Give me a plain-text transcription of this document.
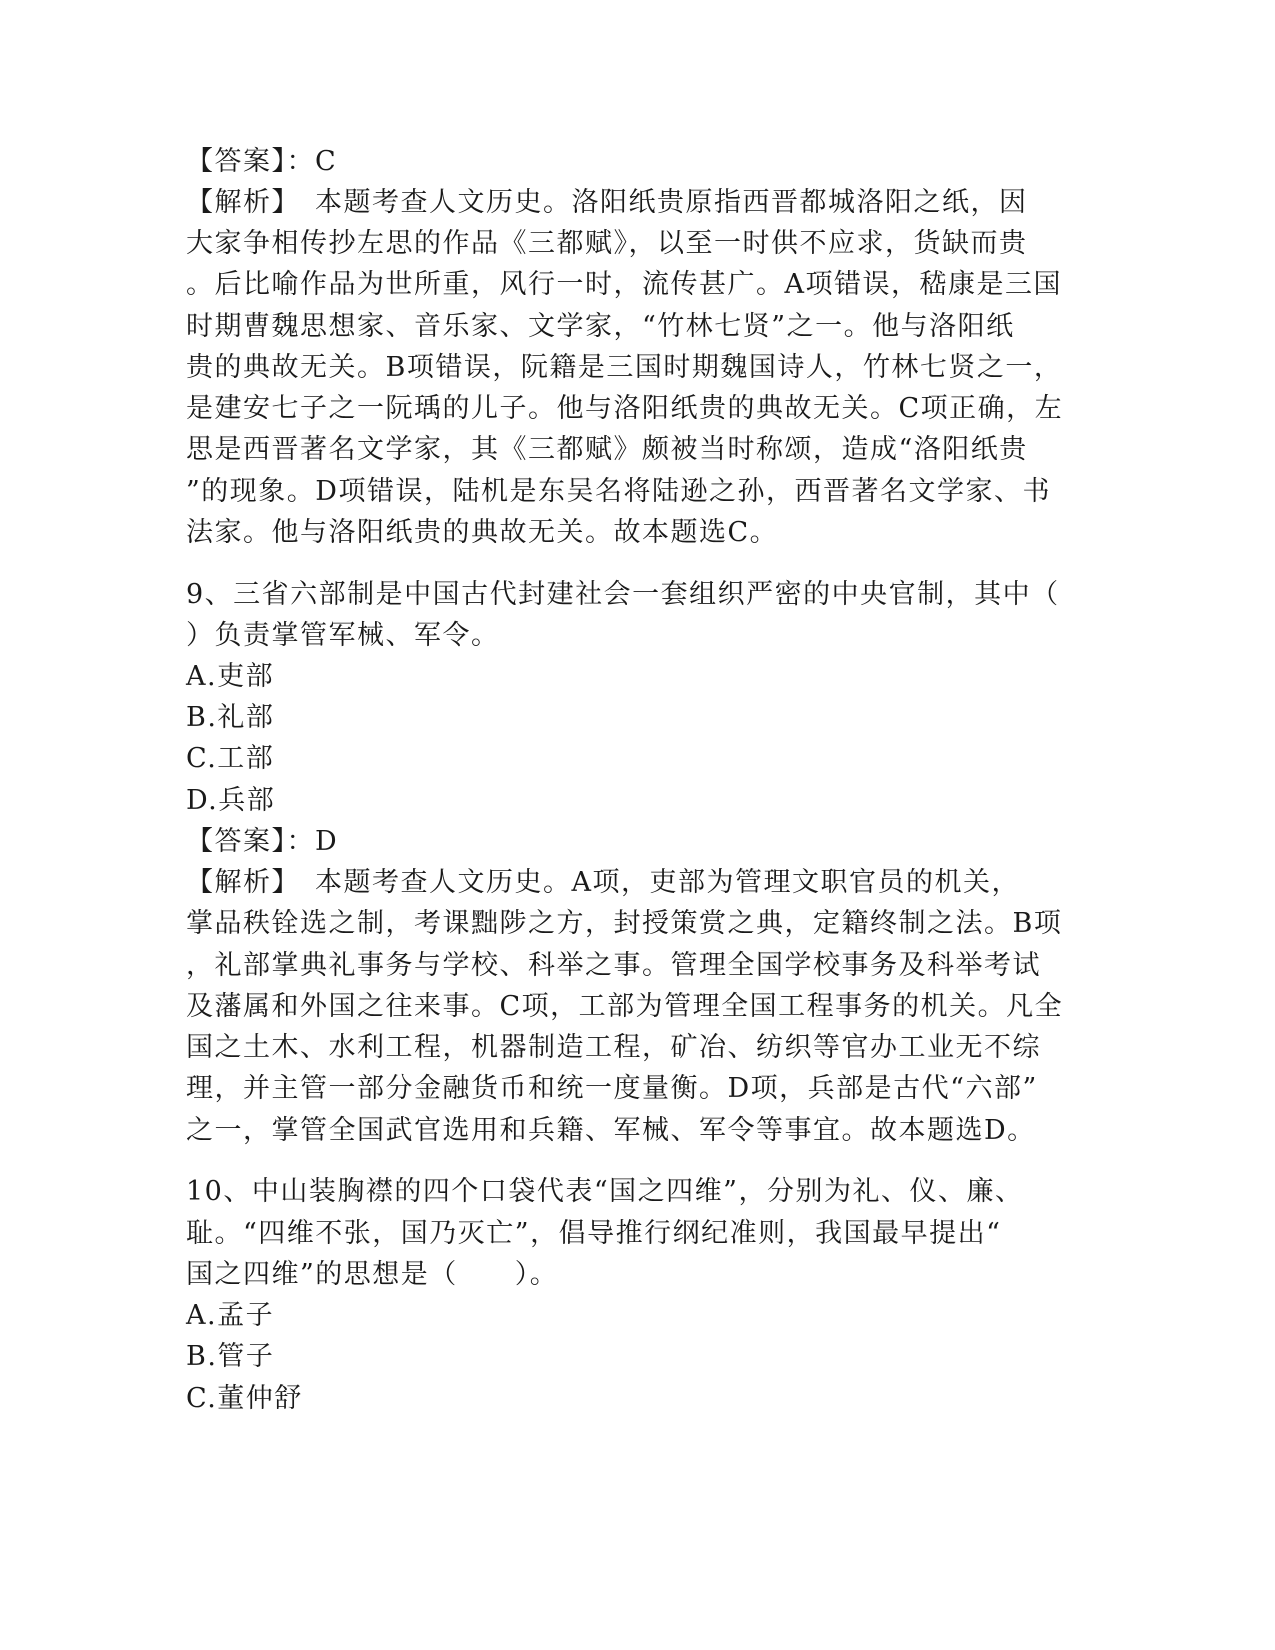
【答案】：C
【解析】　本题考查人文历史。洛阳纸贵原指西晋都城洛阳之纸，因
大家争相传抄左思的作品《三都赋》，以至一时供不应求，货缺而贵
。后比喻作品为世所重，风行一时，流传甚广。A项错误，嵇康是三国
时期曹魏思想家、音乐家、文学家，“竹林七贤”之一。他与洛阳纸
贵的典故无关。B项错误，阮籍是三国时期魏国诗人，竹林七贤之一，
是建安七子之一阮瑀的儿子。他与洛阳纸贵的典故无关。C项正确，左
思是西晋著名文学家，其《三都赋》颇被当时称颂，造成“洛阳纸贵
”的现象。D项错误，陆机是东吴名将陆逊之孙，西晋著名文学家、书
法家。他与洛阳纸贵的典故无关。故本题选C。
9、三省六部制是中国古代封建社会一套组织严密的中央官制，其中（
）负责掌管军械、军令。
A.吏部
B.礼部
C.工部
D.兵部
【答案】：D
【解析】　本题考查人文历史。A项，吏部为管理文职官员的机关，
掌品秩铨选之制，考课黜陟之方，封授策赏之典，定籍终制之法。B项
，礼部掌典礼事务与学校、科举之事。管理全国学校事务及科举考试
及藩属和外国之往来事。C项，工部为管理全国工程事务的机关。凡全
国之土木、水利工程，机器制造工程，矿冶、纺织等官办工业无不综
理，并主管一部分金融货币和统一度量衡。D项，兵部是古代“六部”
之一，掌管全国武官选用和兵籍、军械、军令等事宜。故本题选D。
10、中山装胸襟的四个口袋代表“国之四维”，分别为礼、仪、廉、
耻。“四维不张，国乃灭亡”，倡导推行纲纪准则，我国最早提出“
国之四维”的思想是（　　）。
A.孟子
B.管子
C.董仲舒
